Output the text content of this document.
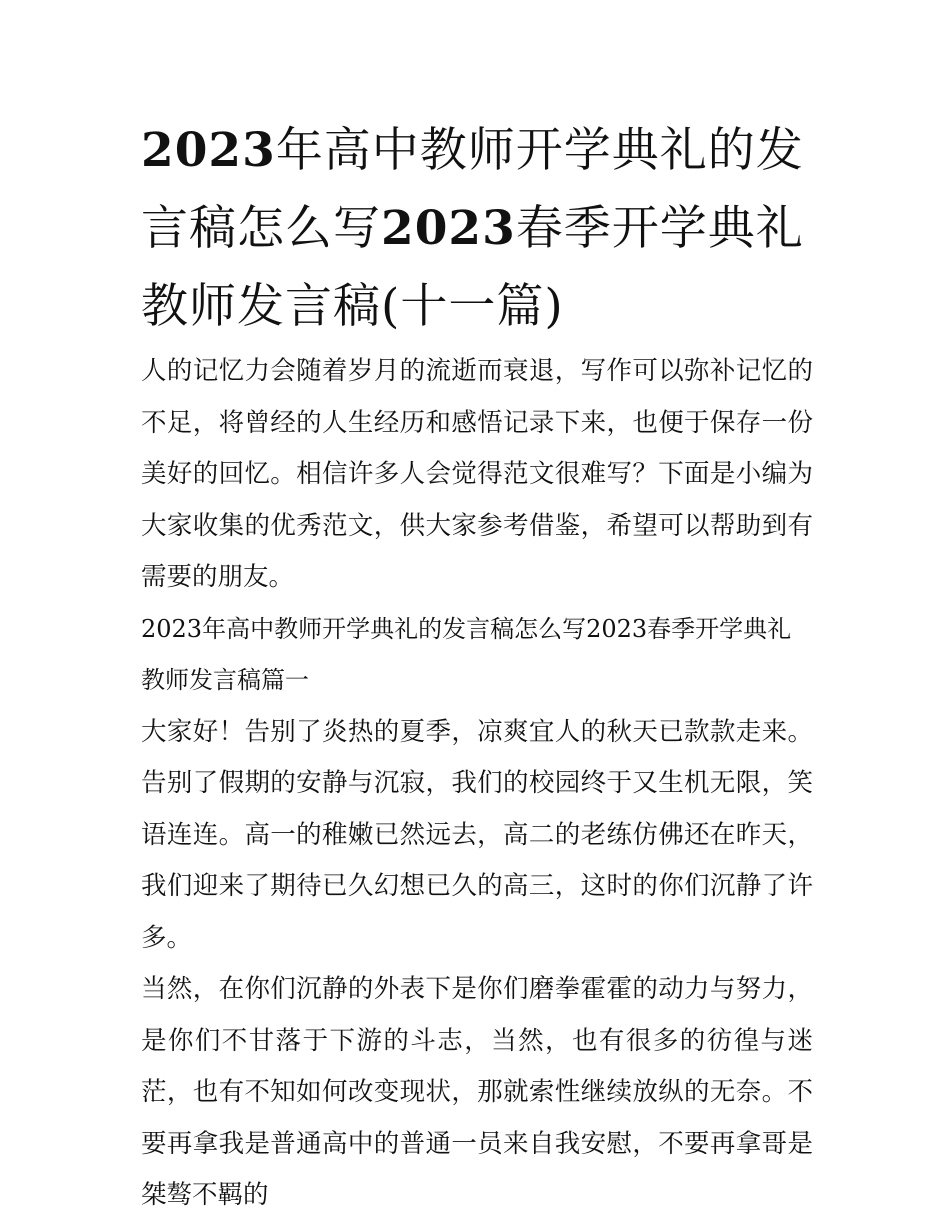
2023年高中教师开学典礼的发言稿怎么写2023春季开学典礼教师发言稿(十一篇)

人的记忆力会随着岁月的流逝而衰退，写作可以弥补记忆的不足，将曾经的人生经历和感悟记录下来，也便于保存一份美好的回忆。相信许多人会觉得范文很难写？下面是小编为大家收集的优秀范文，供大家参考借鉴，希望可以帮助到有需要的朋友。

2023年高中教师开学典礼的发言稿怎么写2023春季开学典礼教师发言稿篇一

大家好！告别了炎热的夏季，凉爽宜人的秋天已款款走来。告别了假期的安静与沉寂，我们的校园终于又生机无限，笑语连连。高一的稚嫩已然远去，高二的老练仿佛还在昨天，我们迎来了期待已久幻想已久的高三，这时的你们沉静了许多。

当然，在你们沉静的外表下是你们磨拳霍霍的动力与努力，是你们不甘落于下游的斗志，当然，也有很多的彷徨与迷茫，也有不知如何改变现状，那就索性继续放纵的无奈。不要再拿我是普通高中的普通一员来自我安慰，不要再拿哥是桀骜不羁的
